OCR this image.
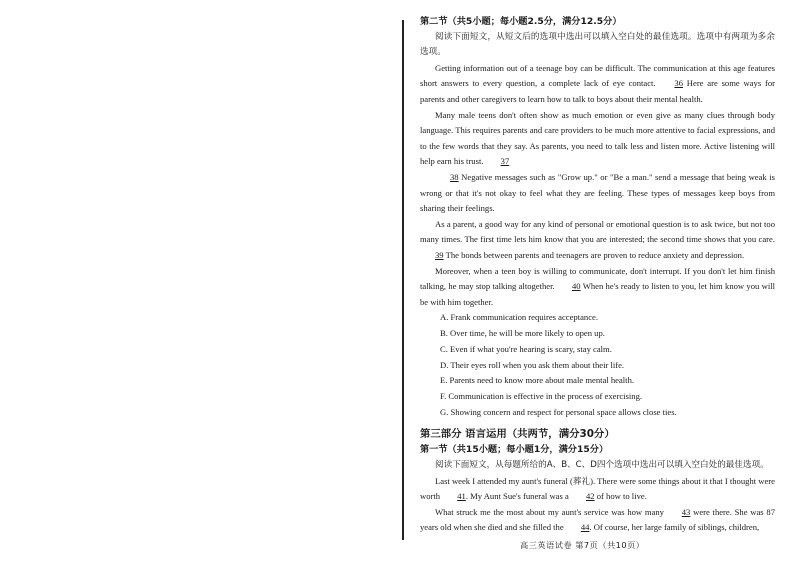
第二节（共5小题；每小题2.5分，满分12.5分）

阅读下面短文，从短文后的选项中选出可以填入空白处的最佳选项。选项中有两项为多余选项。

Getting information out of a teenage boy can be difficult. The communication at this age features short answers to every question, a complete lack of eye contact. 36 Here are some ways for parents and other caregivers to learn how to talk to boys about their mental health.

Many male teens don't often show as much emotion or even give as many clues through body language. This requires parents and care providers to be much more attentive to facial expressions, and to the few words that they say. As parents, you need to talk less and listen more. Active listening will help earn his trust. 37

38 Negative messages such as "Grow up." or "Be a man." send a message that being weak is wrong or that it's not okay to feel what they are feeling. These types of messages keep boys from sharing their feelings.

As a parent, a good way for any kind of personal or emotional question is to ask twice, but not too many times. The first time lets him know that you are interested; the second time shows that you care. 39 The bonds between parents and teenagers are proven to reduce anxiety and depression.

Moreover, when a teen boy is willing to communicate, don't interrupt. If you don't let him finish talking, he may stop talking altogether. 40 When he's ready to listen to you, let him know you will be with him together.

A. Frank communication requires acceptance.
B. Over time, he will be more likely to open up.
C. Even if what you're hearing is scary, stay calm.
D. Their eyes roll when you ask them about their life.
E. Parents need to know more about male mental health.
F. Communication is effective in the process of exercising.
G. Showing concern and respect for personal space allows close ties.
第三部分 语言运用（共两节，满分30分）
第一节（共15小题；每小题1分，满分15分）

阅读下面短文，从每题所给的A、B、C、D四个选项中选出可以填入空白处的最佳选项。

Last week I attended my aunt's funeral (葬礼). There were some things about it that I thought were worth 41. My Aunt Sue's funeral was a 42 of how to live.

What struck me the most about my aunt's service was how many 43 were there. She was 87 years old when she died and she filled the 44. Of course, her large family of siblings, children,

高三英语试卷 第7页（共10页）
